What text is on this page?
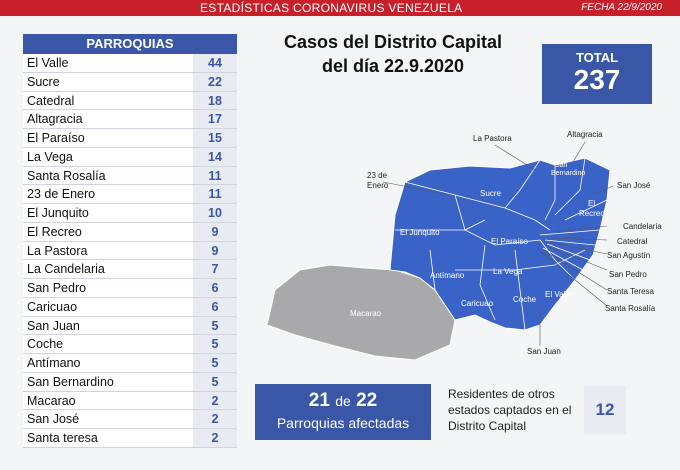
ESTADÍSTICAS CORONAVIRUS VENEZUELA	FECHA 22/9/2020
PARROQUIAS
El Valle	44
Sucre	22
Catedral	18
Altagracia	17
El Paraíso	15
La Vega	14
Santa Rosalía	11
23 de Enero	11
El Junquito	10
El Recreo	9
La Pastora	9
La Candelaria	7
San Pedro	6
Caricuao	6
San Juan	5
Coche	5
Antímano	5
San Bernardino	5
Macarao	2
San José	2
Santa teresa	2
Casos del Distrito Capital
del día 22.9.2020	TOTAL
237
La Pastora	Altagracia
23 de Enero	San José
Candelaria
Catedral
San Agustín
San Pedro
Santa Teresa
Santa Rosalía
San Juan
Sucre
San Bernardino
El Recreo
El Junquito
El Paraíso
La Vega
Antímano
El Valle
Coche
Caricuao
Macarao
21 de 22
Parroquias afectadas
Residentes de otros estados captados en el Distrito Capital
12
